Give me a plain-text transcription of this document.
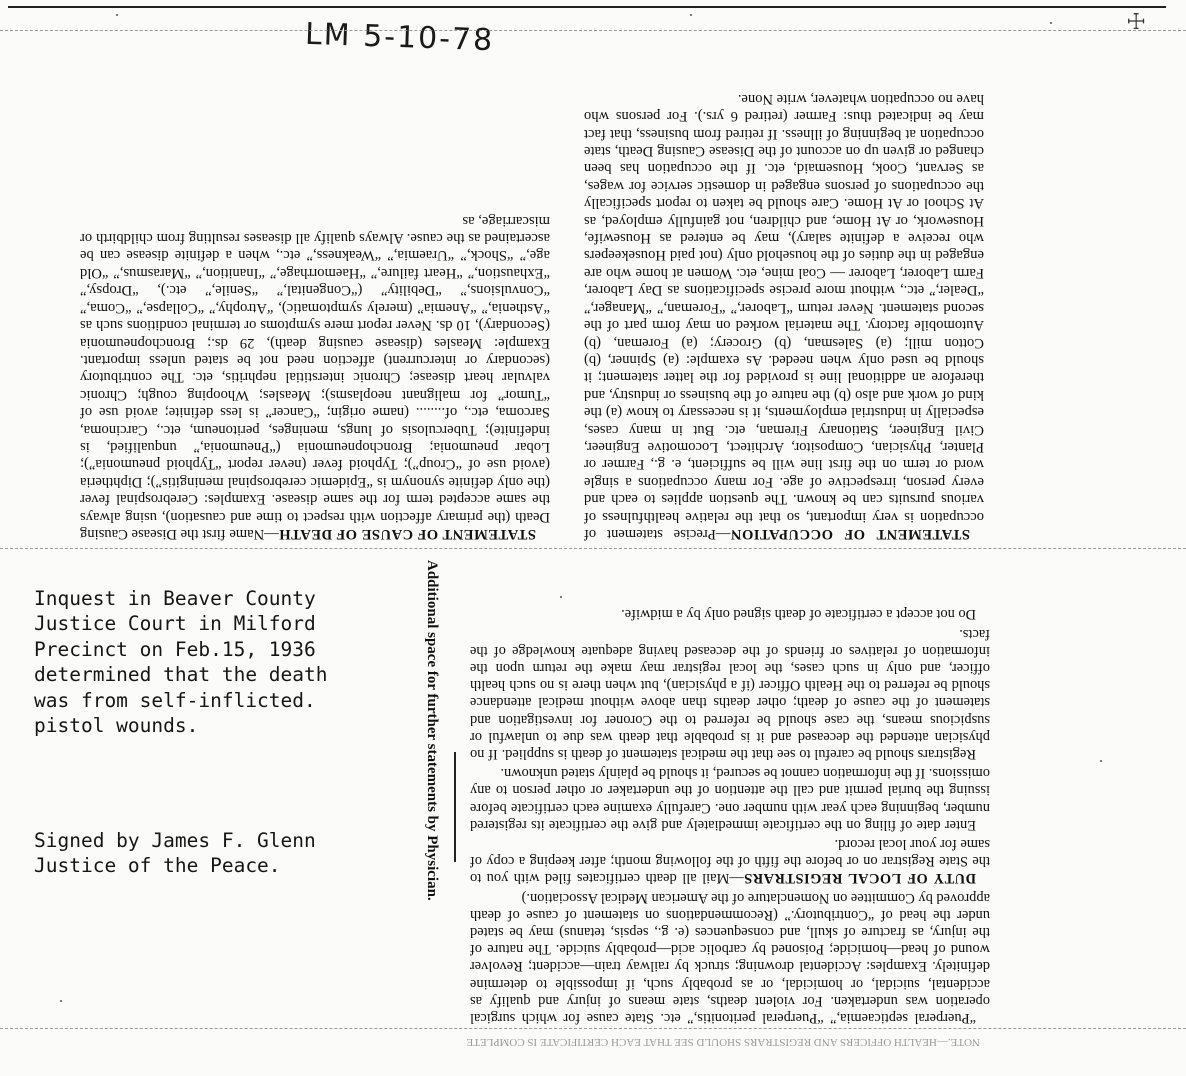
LM 5-10-78	☩

STATEMENT OF OCCUPATION—Precise statement of occupation is very important, so that the relative healthfulness of various pursuits can be known. The question applies to each and every person, irrespective of age. For many occupations a single word or term on the first line will be sufficient, e. g., Farmer or Planter, Physician, Compositor, Architect, Locomotive Engineer, Civil Engineer, Stationary Fireman, etc. But in many cases, especially in industrial employments, it is necessary to know (a) the kind of work and also (b) the nature of the business or industry, and therefore an additional line is provided for the latter statement; it should be used only when needed. As example: (a) Spinner, (b) Cotton mill; (a) Salesman, (b) Grocery; (a) Foreman, (b) Automobile factory. The material worked on may form part of the second statement. Never return “Laborer,” “Foreman,” “Manager,” “Dealer,” etc., without more precise specifications as Day Laborer, Farm Laborer, Laborer — Coal mine, etc. Women at home who are engaged in the duties of the household only (not paid Housekeepers who receive a definite salary), may be entered as Housewife, Housework, or At Home, and children, not gainfully employed, as At School or At Home. Care should be taken to report specifically the occupations of persons engaged in domestic service for wages, as Servant, Cook, Housemaid, etc. If the occupation has been changed or given up on account of the Disease Causing Death, state occupation at beginning of illness. If retired from business, that fact may be indicated thus: Farmer (retired 6 yrs.). For persons who have no occupation whatever, write None.

STATEMENT OF CAUSE OF DEATH—Name first the Disease Causing Death (the primary affection with respect to time and causation), using always the same accepted term for the same disease. Examples: Cerebrospinal fever (the only definite synonym is “Epidemic cerebrospinal meningitis”); Diphtheria (avoid use of “Croup”); Typhoid fever (never report “Typhoid pneumonia”); Lobar pneumonia; Bronchopneumonia (“Pneumonia,” unqualified, is indefinite); Tuberculosis of lungs, meninges, peritoneum, etc., Carcinoma, Sarcoma, etc., of........ (name origin; “Cancer” is less definite; avoid use of “Tumor” for malignant neoplasms); Measles; Whooping cough; Chronic valvular heart disease; Chronic interstitial nephritis, etc. The contributory (secondary or intercurrent) affection need not be stated unless important. Example: Measles (disease causing death), 29 ds.; Bronchopneumonia (Secondary), 10 ds. Never report mere symptoms or terminal conditions such as “Asthenia,” “Anemia” (merely symptomatic), “Atrophy,” “Collapse,” “Coma,” “Convulsions,” “Debility” (“Congenital,” “Senile,” etc.), “Dropsy,” “Exhaustion,” “Heart failure,” “Haemorrhage,” “Inanition,” “Marasmus,” “Old age,” “Shock,” “Uraemia,” “Weakness,” etc., when a definite disease can be ascertained as the cause. Always qualify all diseases resulting from childbirth or miscarriage, as

“Puerperal septicaemia,” “Puerperal peritonitis,” etc. State cause for which surgical operation was undertaken. For violent deaths, state means of injury and qualify as accidental, suicidal, or homicidal, or as probably such, if impossible to determine definitely. Examples: Accidental drowning; struck by railway train—accident; Revolver wound of head—homicide; Poisoned by carbolic acid—probably suicide. The nature of the injury, as fracture of skull, and consequences (e. g., sepsis, tetanus) may be stated under the head of “Contributory.” (Recommendations on statement of cause of death approved by Committee on Nomenclature of the American Medical Association.)

DUTY OF LOCAL REGISTRARS—Mail all death certificates filed with you to the State Registrar on or before the fifth of the following month; after keeping a copy of same for your local record.

Enter date of filing on the certificate immediately and give the certificate its registered number, beginning each year with number one. Carefully examine each certificate before issuing the burial permit and call the attention of the undertaker or other person to any omissions. If the information cannot be secured, it should be plainly stated unknown.

Registrars should be careful to see that the medical statement of death is supplied. If no physician attended the deceased and it is probable that death was due to unlawful or suspicious means, the case should be referred to the Coroner for investigation and statement of the cause of death; other deaths than above without medical attendance should be referred to the Health Officer (if a physician), but when there is no such health officer, and only in such cases, the local registrar may make the return upon the information of relatives or friends of the deceased having adequate knowledge of the facts.

Do not accept a certificate of death signed only by a midwife.

Additional space for further statements by Physician.

Inquest in Beaver County
Justice Court in Milford
Precinct on Feb.15, 1936
determined that the death
was from self-inflicted.
pistol wounds.

Signed by James F. Glenn
Justice of the Peace.

NOTE.—HEALTH OFFICERS AND REGISTRARS SHOULD SEE THAT EACH CERTIFICATE IS COMPLETE
